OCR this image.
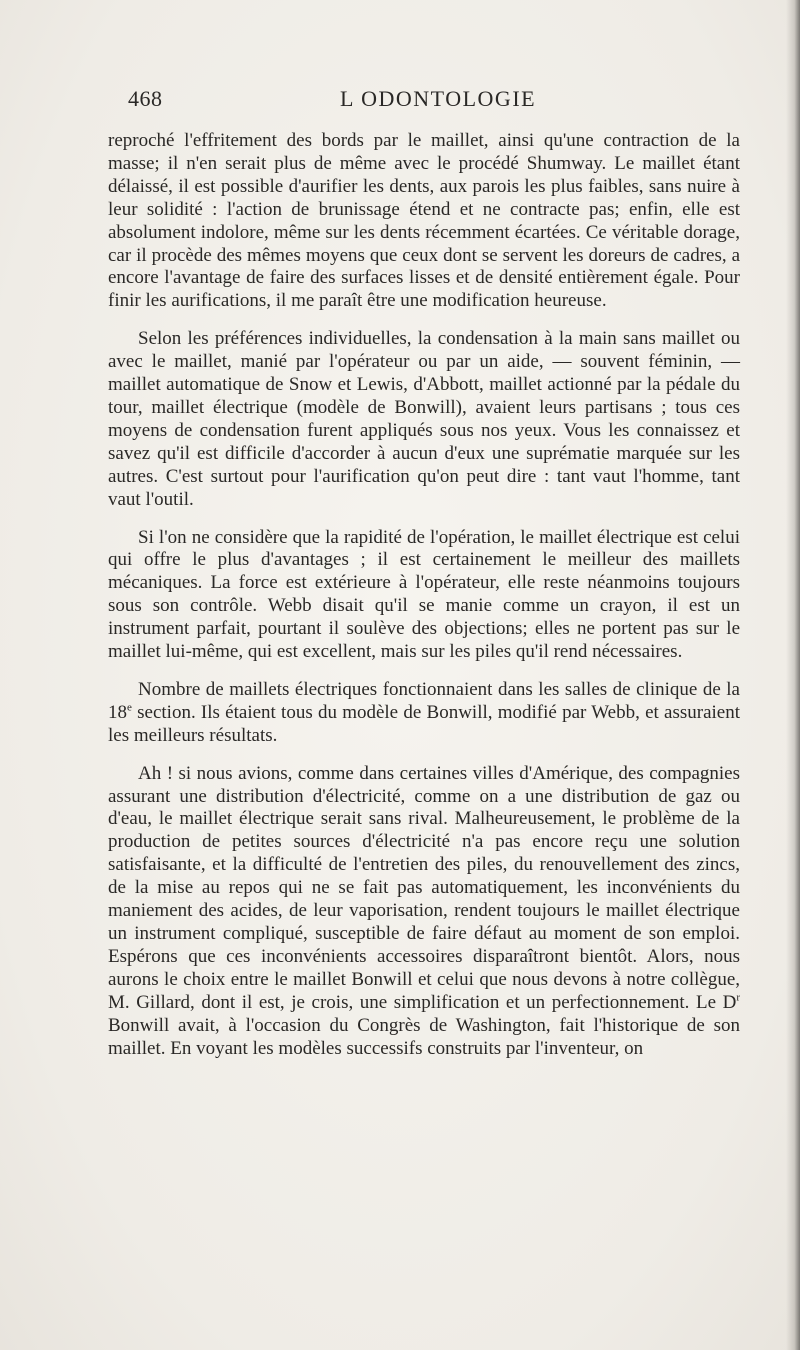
468	L ODONTOLOGIE

reproché l'effritement des bords par le maillet, ainsi qu'une contraction de la masse; il n'en serait plus de même avec le procédé Shumway. Le maillet étant délaissé, il est possible d'aurifier les dents, aux parois les plus faibles, sans nuire à leur solidité : l'action de brunissage étend et ne contracte pas; enfin, elle est absolument indolore, même sur les dents récemment écartées. Ce véritable dorage, car il procède des mêmes moyens que ceux dont se servent les doreurs de cadres, a encore l'avantage de faire des surfaces lisses et de densité entièrement égale. Pour finir les aurifications, il me paraît être une modification heureuse.

Selon les préférences individuelles, la condensation à la main sans maillet ou avec le maillet, manié par l'opérateur ou par un aide, — souvent féminin, — maillet automatique de Snow et Lewis, d'Abbott, maillet actionné par la pédale du tour, maillet électrique (modèle de Bonwill), avaient leurs partisans ; tous ces moyens de condensation furent appliqués sous nos yeux. Vous les connaissez et savez qu'il est difficile d'accorder à aucun d'eux une suprématie marquée sur les autres. C'est surtout pour l'aurification qu'on peut dire : tant vaut l'homme, tant vaut l'outil.

Si l'on ne considère que la rapidité de l'opération, le maillet électrique est celui qui offre le plus d'avantages ; il est certainement le meilleur des maillets mécaniques. La force est extérieure à l'opérateur, elle reste néanmoins toujours sous son contrôle. Webb disait qu'il se manie comme un crayon, il est un instrument parfait, pourtant il soulève des objections; elles ne portent pas sur le maillet lui-même, qui est excellent, mais sur les piles qu'il rend nécessaires.

Nombre de maillets électriques fonctionnaient dans les salles de clinique de la 18e section. Ils étaient tous du modèle de Bonwill, modifié par Webb, et assuraient les meilleurs résultats.

Ah ! si nous avions, comme dans certaines villes d'Amérique, des compagnies assurant une distribution d'électricité, comme on a une distribution de gaz ou d'eau, le maillet électrique serait sans rival. Malheureusement, le problème de la production de petites sources d'électricité n'a pas encore reçu une solution satisfaisante, et la difficulté de l'entretien des piles, du renouvellement des zincs, de la mise au repos qui ne se fait pas automatiquement, les inconvénients du maniement des acides, de leur vaporisation, rendent toujours le maillet électrique un instrument compliqué, susceptible de faire défaut au moment de son emploi. Espérons que ces inconvénients accessoires disparaîtront bientôt. Alors, nous aurons le choix entre le maillet Bonwill et celui que nous devons à notre collègue, M. Gillard, dont il est, je crois, une simplification et un perfectionnement. Le $D^r$ Bonwill avait, à l'occasion du Congrès de Washington, fait l'historique de son maillet. En voyant les modèles successifs construits par l'inventeur, on
